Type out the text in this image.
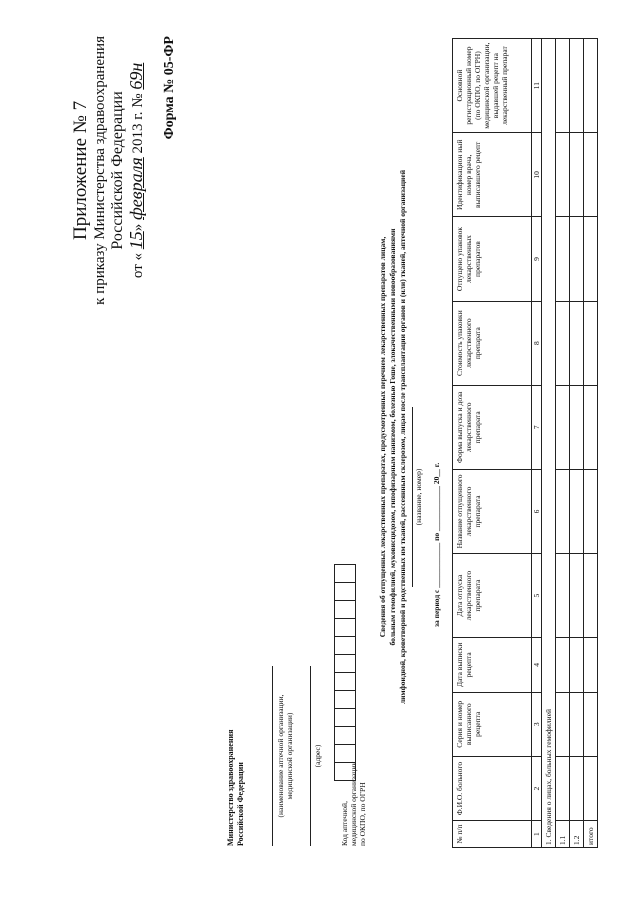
Приложение № 7 к приказу Министерства здравоохранения Российской Федерации
от « 15» февраля 2013 г. № 69н Форма № 05-ФР
Министерство здравоохранения Российской Федерации	(наименование аптечной организации, медицинской организации)	(адрес)
Код аптечной, медицинской организации по ОКПО, по ОГРН
Сведения об отпущенных лекарственных препаратах, предусмотренных перечнем лекарственных препаратов лицам, больным гемофилией, муковисцидозом, гипофизарным нанизмом, болезнью Гоше, злокачественными новообразованиями лимфоидной, кроветворной и родственных им тканей, рассеянным склерозом, лицам после трансплантации органов и (или) тканей, аптечной организацией (название, номер) за период с ____________ по ____________ 20__ г.
№ п/п	Ф.И.О. больного	Серия и номер выписанного рецепта	Дата выписки рецепта	Дата отпуска лекарственного препарата	Название отпущенного лекарственного препарата	Форма выпуска и доза лекарственного препарата	Стоимость упаковки лекарственного препарата	Отпущено упаковок лекарственных препаратов	Идентификацион ный номер врача, выписавшего рецепт	Основной регистрационный номер (по ОКПО, по ОГРН) медицинской организации, выдавшей рецепт на лекарственный препарат
1	2	3	4	5	6	7	8	9	10	11
1. Сведения о лицах, больных гемофилией										
1.1										
1.2										
итого										
